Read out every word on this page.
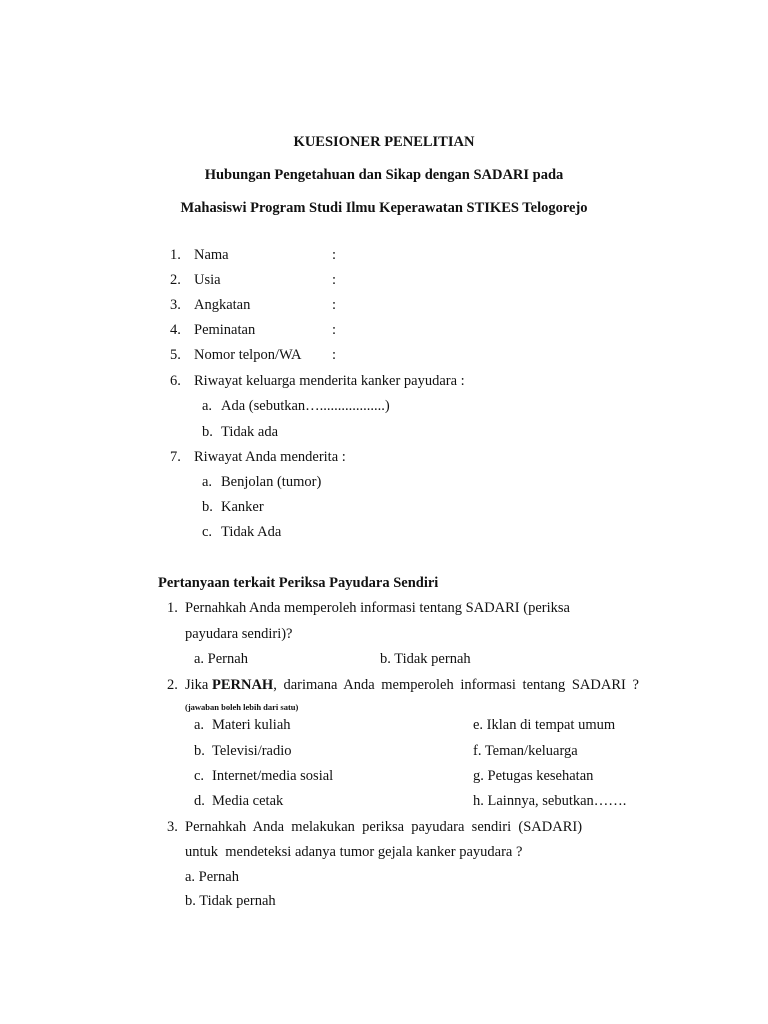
KUESIONER PENELITIAN
Hubungan Pengetahuan dan Sikap dengan SADARI pada
Mahasiswi Program Studi Ilmu Keperawatan STIKES Telogorejo
1. Nama	:
2. Usia	:
3. Angkatan	:
4. Peminatan	:
5. Nomor telpon/WA :
6. Riwayat keluarga menderita kanker payudara :
a. Ada (sebutkan…..................)
b. Tidak ada
7. Riwayat Anda menderita :
a. Benjolan (tumor)
b. Kanker
c. Tidak Ada
Pertanyaan terkait Periksa Payudara Sendiri
1. Pernahkah Anda memperoleh informasi tentang SADARI (periksa
payudara sendiri)?
a. Pernah	b. Tidak pernah
2. Jika PERNAH, darimana Anda memperoleh informasi tentang SADARI ?
(jawaban boleh lebih dari satu)
a. Materi kuliah	e. Iklan di tempat umum
b. Televisi/radio	f. Teman/keluarga
c. Internet/media sosial	g. Petugas kesehatan
d. Media cetak	h. Lainnya, sebutkan…….
3. Pernahkah  Anda  melakukan  periksa  payudara  sendiri  (SADARI)
untuk  mendeteksi adanya tumor gejala kanker payudara ?
a. Pernah
b. Tidak pernah
